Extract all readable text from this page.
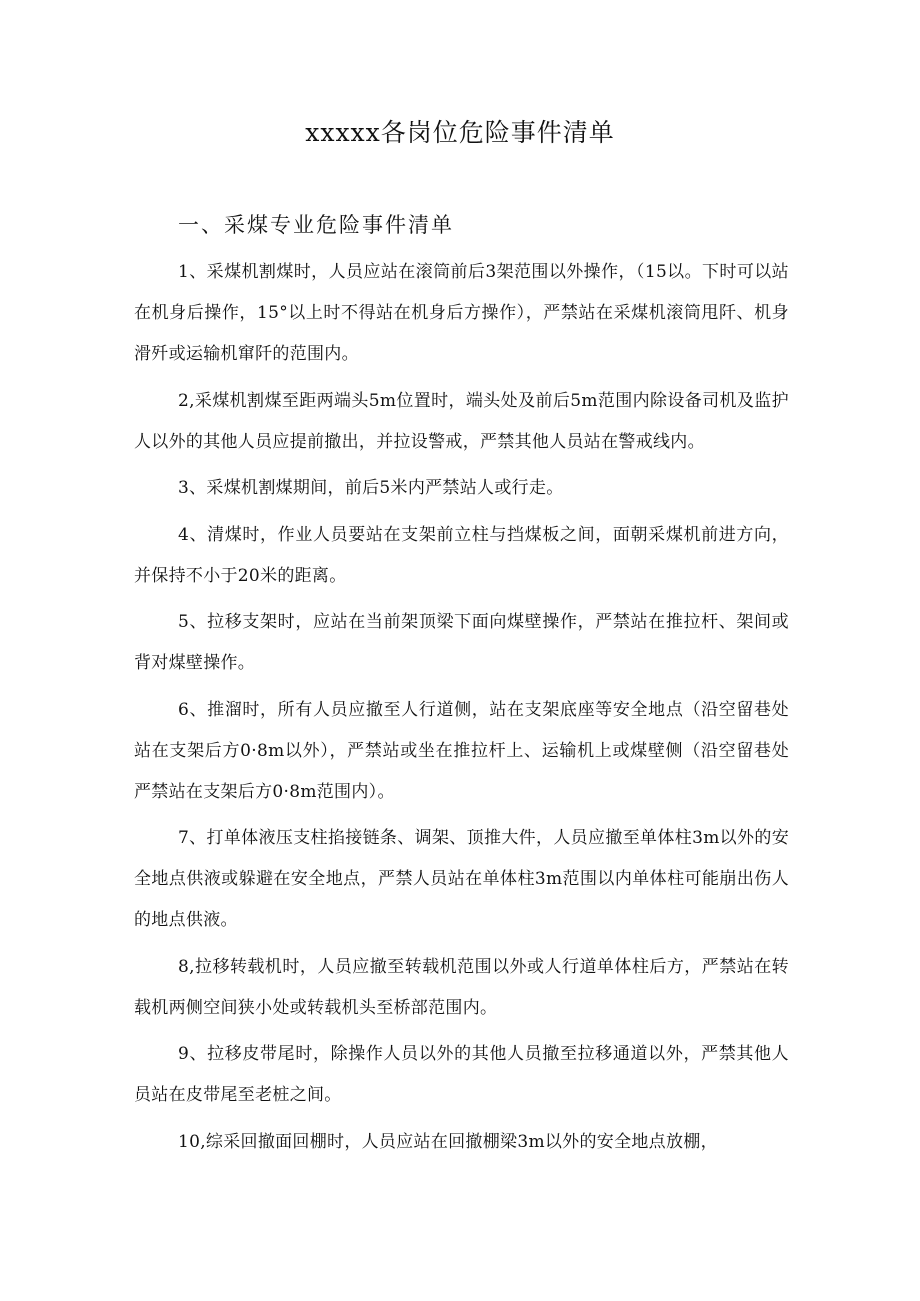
xxxxx各岗位危险事件清单
一、采煤专业危险事件清单

1、采煤机割煤时，人员应站在滚筒前后3架范围以外操作，（15以。下时可以站在机身后操作，15°以上时不得站在机身后方操作），严禁站在采煤机滚筒甩阡、机身滑歼或运输机窜阡的范围内。

2,采煤机割煤至距两端头5m位置时，端头处及前后5m范围内除设备司机及监护人以外的其他人员应提前撤出，并拉设警戒，严禁其他人员站在警戒线内。

3、采煤机割煤期间，前后5米内严禁站人或行走。

4、清煤时，作业人员要站在支架前立柱与挡煤板之间，面朝采煤机前进方向，并保持不小于20米的距离。

5、拉移支架时，应站在当前架顶梁下面向煤壁操作，严禁站在推拉杆、架间或背对煤壁操作。

6、推溜时，所有人员应撤至人行道侧，站在支架底座等安全地点（沿空留巷处站在支架后方0·8m以外），严禁站或坐在推拉杆上、运输机上或煤壁侧（沿空留巷处严禁站在支架后方0·8m范围内）。

7、打单体液压支柱掐接链条、调架、顶推大件，人员应撤至单体柱3m以外的安全地点供液或躲避在安全地点，严禁人员站在单体柱3m范围以内单体柱可能崩出伤人的地点供液。

8,拉移转载机时，人员应撤至转载机范围以外或人行道单体柱后方，严禁站在转载机两侧空间狭小处或转载机头至桥部范围内。

9、拉移皮带尾时，除操作人员以外的其他人员撤至拉移通道以外，严禁其他人员站在皮带尾至老桩之间。

10,综采回撤面回棚时，人员应站在回撤棚梁3m以外的安全地点放棚，
